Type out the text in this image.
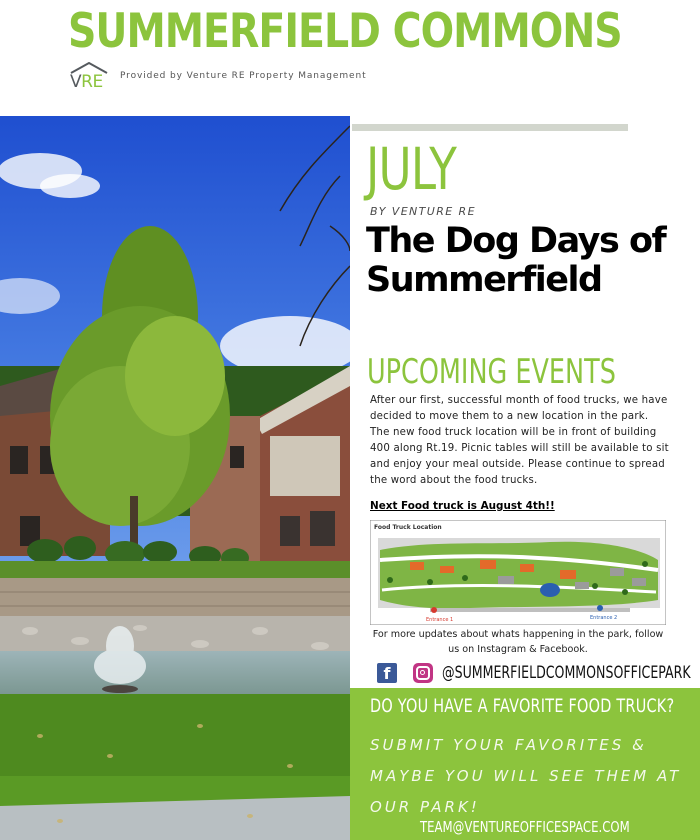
SUMMERFIELD COMMONS
VRE Provided by Venture RE Property Management
JULY
BY VENTURE RE
The Dog Days of Summerfield
UPCOMING EVENTS
After our first, successful month of food trucks, we have decided to move them to a new location in the park. The new food truck location will be in front of building 400 along Rt.19. Picnic tables will still be available to sit and enjoy your meal outside. Please continue to spread the word about the food trucks.
Next Food truck is August 4th!!
Food Truck Location
Entrance 1	Entrance 2
For more updates about whats happening in the park, follow us on Instagram & Facebook.
f	@SUMMERFIELDCOMMONSOFFICEPARK
DO YOU HAVE A FAVORITE FOOD TRUCK?
SUBMIT YOUR FAVORITES & MAYBE YOU WILL SEE THEM AT OUR PARK!
TEAM@VENTUREOFFICESPACE.COM
